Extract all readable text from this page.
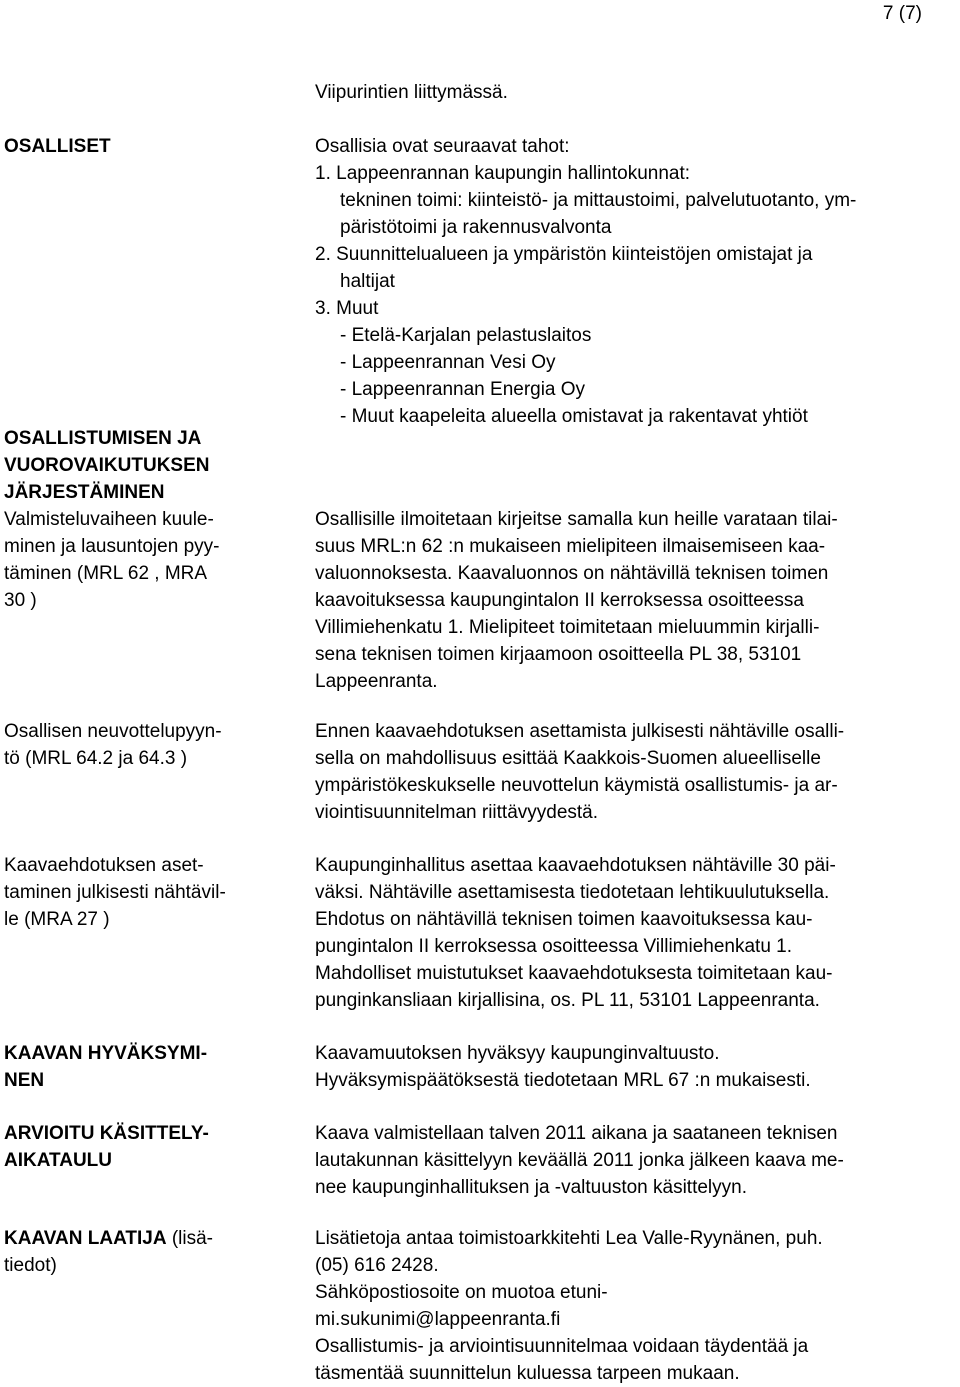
7 (7)
Viipurintien liittymässä.
OSALLISET	Osallisia ovat seuraavat tahot:
1. Lappeenrannan kaupungin hallintokunnat:
tekninen toimi: kiinteistö- ja mittaustoimi, palvelutuotanto, ym-
päristötoimi ja rakennusvalvonta
2. Suunnittelualueen ja ympäristön kiinteistöjen omistajat ja
haltijat
3. Muut
- Etelä-Karjalan pelastuslaitos
- Lappeenrannan Vesi Oy
- Lappeenrannan Energia Oy
- Muut kaapeleita alueella omistavat ja rakentavat yhtiöt
OSALLISTUMISEN JA
VUOROVAIKUTUKSEN
JÄRJESTÄMINEN
Valmisteluvaiheen kuule-
minen ja lausuntojen pyy-
täminen (MRL 62 , MRA
30 )
Osallisille ilmoitetaan kirjeitse samalla kun heille varataan tilai-
suus MRL:n 62 :n mukaiseen mielipiteen ilmaisemiseen kaa-
valuonnoksesta. Kaavaluonnos on nähtävillä teknisen toimen
kaavoituksessa kaupungintalon II kerroksessa osoitteessa
Villimiehenkatu 1. Mielipiteet toimitetaan mieluummin kirjalli-
sena teknisen toimen kirjaamoon osoitteella PL 38, 53101
Lappeenranta.
Osallisen neuvottelupyyn-
tö (MRL 64.2 ja 64.3 )
Ennen kaavaehdotuksen asettamista julkisesti nähtäville osalli-
sella on mahdollisuus esittää Kaakkois-Suomen alueelliselle
ympäristökeskukselle neuvottelun käymistä osallistumis- ja ar-
viointisuunnitelman riittävyydestä.
Kaavaehdotuksen aset-
taminen julkisesti nähtävil-
le (MRA 27 )
Kaupunginhallitus asettaa kaavaehdotuksen nähtäville 30 päi-
väksi. Nähtäville asettamisesta tiedotetaan lehtikuulutuksella.
Ehdotus on nähtävillä teknisen toimen kaavoituksessa kau-
pungintalon II kerroksessa osoitteessa Villimiehenkatu 1.
Mahdolliset muistutukset kaavaehdotuksesta toimitetaan kau-
punginkansliaan kirjallisina, os. PL 11, 53101 Lappeenranta.
KAAVAN HYVÄKSYMI-
NEN
Kaavamuutoksen hyväksyy kaupunginvaltuusto.
Hyväksymispäätöksestä tiedotetaan MRL 67 :n mukaisesti.
ARVIOITU KÄSITTELY-
AIKATAULU
Kaava valmistellaan talven 2011 aikana ja saataneen teknisen
lautakunnan käsittelyyn keväällä 2011 jonka jälkeen kaava me-
nee kaupunginhallituksen ja -valtuuston käsittelyyn.
KAAVAN LAATIJA (lisä-
tiedot)
Lisätietoja antaa toimistoarkkitehti Lea Valle-Ryynänen, puh.
(05) 616 2428.
Sähköpostiosoite on muotoa etuni-
mi.sukunimi@lappeenranta.fi
Osallistumis- ja arviointisuunnitelmaa voidaan täydentää ja
täsmentää suunnittelun kuluessa tarpeen mukaan.
